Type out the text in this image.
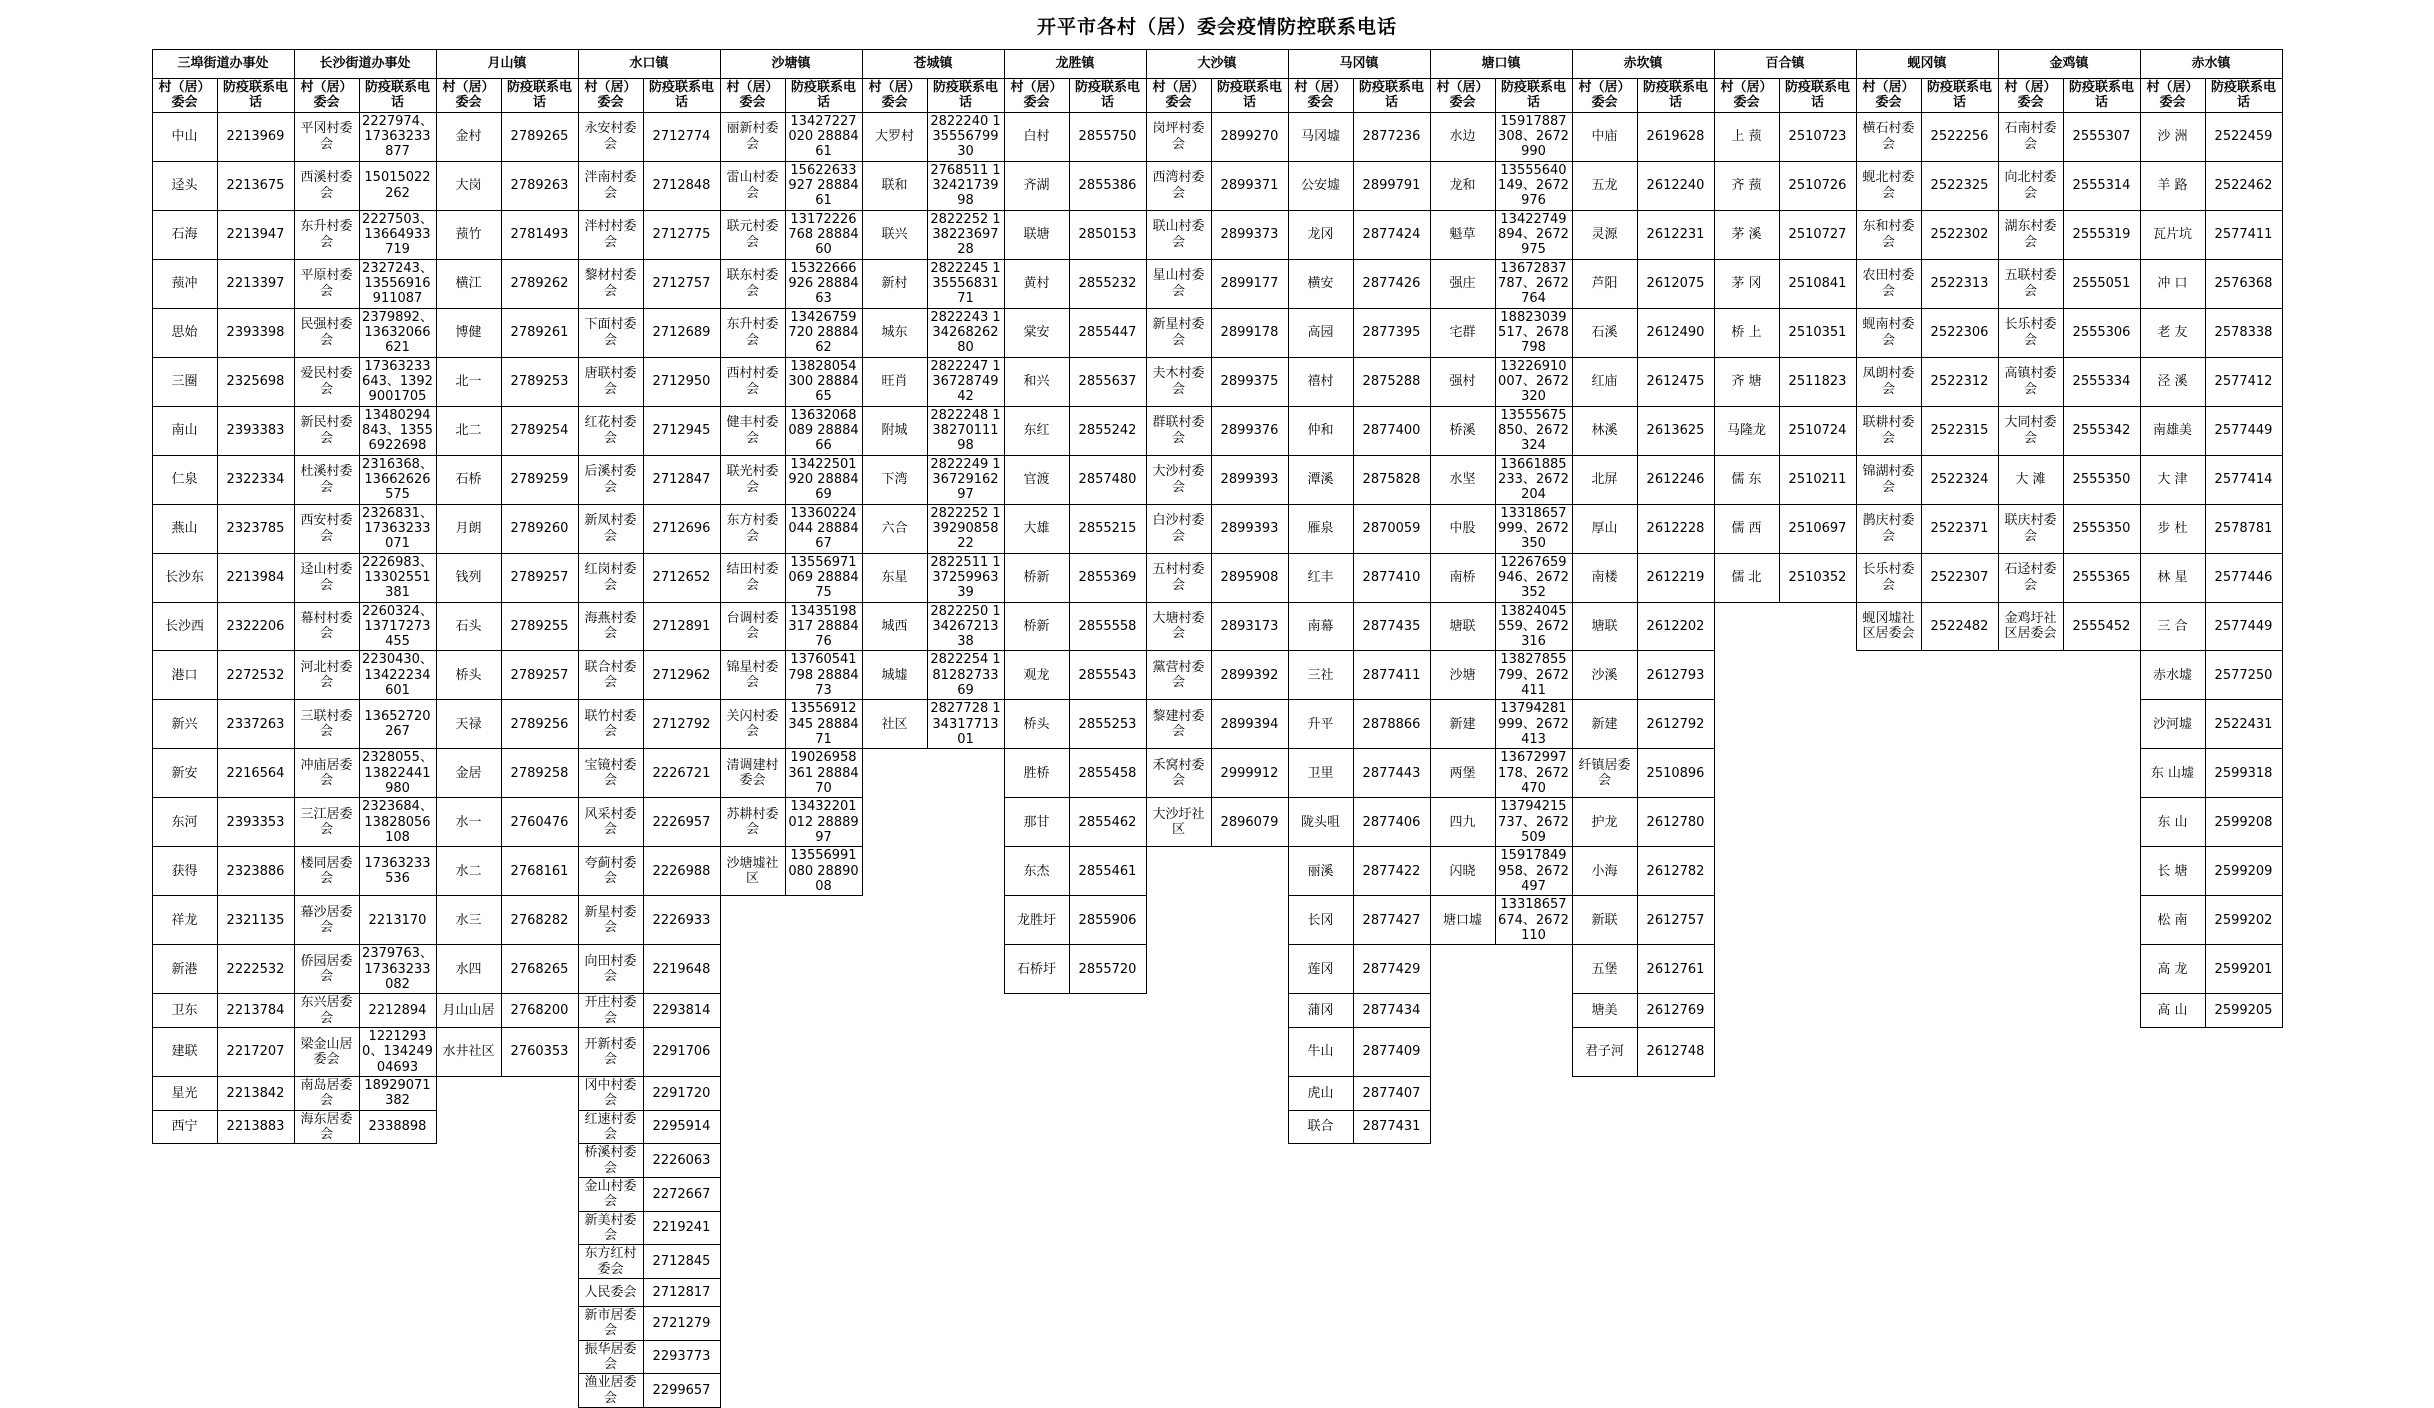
开平市各村（居）委会疫情防控联系电话
三埠街道办事处		长沙街道办事处		月山镇		水口镇		沙塘镇		苍城镇		龙胜镇		大沙镇		马冈镇		塘口镇		赤坎镇		百合镇		蚬冈镇		金鸡镇		赤水镇	
村（居）委会	防疫联系电话	村（居）委会	防疫联系电话	村（居）委会	防疫联系电话	村（居）委会	防疫联系电话	村（居）委会	防疫联系电话	村（居）委会	防疫联系电话	村（居）委会	防疫联系电话	村（居）委会	防疫联系电话	村（居）委会	防疫联系电话	村（居）委会	防疫联系电话	村（居）委会	防疫联系电话	村（居）委会	防疫联系电话	村（居）委会	防疫联系电话	村（居）委会	防疫联系电话	村（居）委会	防疫联系电话
中山	2213969	平冈村委会	2227974、17363233877	金村	2789265	永安村委会	2712774	丽新村委会	13427227020 2888461	大罗村	2822240 13555679930	白村	2855750	岗坪村委会	2899270	马冈墟	2877236	水边	15917887308、2672990	中庙	2619628	上 蓣	2510723	横石村委会	2522256	石南村委会	2555307	沙 洲	2522459
迳头	2213675	西溪村委会	15015022262	大岗	2789263	泮南村委会	2712848	雷山村委会	15622633927 2888461	联和	2768511 13242173998	齐湖	2855386	西湾村委会	2899371	公安墟	2899791	龙和	13555640149、2672976	五龙	2612240	齐 蓣	2510726	蚬北村委会	2522325	向北村委会	2555314	羊 路	2522462
石海	2213947	东升村委会	2227503、13664933719	蓣竹	2781493	泮村村委会	2712775	联元村委会	13172226768 2888460	联兴	2822252 13822369728	联塘	2850153	联山村委会	2899373	龙冈	2877424	魁草	13422749894、2672975	灵源	2612231	茅 溪	2510727	东和村委会	2522302	湖东村委会	2555319	瓦片坑	2577411
蓣冲	2213397	平原村委会	2327243、13556916911087	横江	2789262	黎材村委会	2712757	联东村委会	15322666926 2888463	新村	2822245 13555683171	黄村	2855232	星山村委会	2899177	横安	2877426	强庄	13672837787、2672764	芦阳	2612075	茅 冈	2510841	农田村委会	2522313	五联村委会	2555051	冲 口	2576368
思始	2393398	民强村委会	2379892、13632066621	博健	2789261	下面村委会	2712689	东升村委会	13426759720 2888462	城东	2822243 13426826280	棠安	2855447	新星村委会	2899178	高园	2877395	宅群	18823039517、2678798	石溪	2612490	桥 上	2510351	蚬南村委会	2522306	长乐村委会	2555306	老 友	2578338
三圈	2325698	爱民村委会	17363233643、13929001705	北一	2789253	唐联村委会	2712950	西村村委会	13828054300 2888465	旺肖	2822247 13672874942	和兴	2855637	夫木村委会	2899375	禧村	2875288	强村	13226910007、2672320	红庙	2612475	齐 塘	2511823	凤朗村委会	2522312	高镇村委会	2555334	泾 溪	2577412
南山	2393383	新民村委会	13480294843、13556922698	北二	2789254	红花村委会	2712945	健丰村委会	13632068089 2888466	附城	2822248 13827011198	东红	2855242	群联村委会	2899376	仲和	2877400	桥溪	13555675850、2672324	林溪	2613625	马隆龙	2510724	联耕村委会	2522315	大同村委会	2555342	南雄美	2577449
仁泉	2322334	杜溪村委会	2316368、13662626575	石桥	2789259	后溪村委会	2712847	联光村委会	13422501920 2888469	下湾	2822249 13672916297	官渡	2857480	大沙村委会	2899393	潭溪	2875828	水坚	13661885233、2672204	北屏	2612246	儒 东	2510211	锦湖村委会	2522324	大 滩	2555350	大 津	2577414
燕山	2323785	西安村委会	2326831、17363233071	月朗	2789260	新凤村委会	2712696	东方村委会	13360224044 2888467	六合	2822252 13929085822	大雄	2855215	白沙村委会	2899393	雁泉	2870059	中股	13318657999、2672350	厚山	2612228	儒 西	2510697	鹊庆村委会	2522371	联庆村委会	2555350	步 杜	2578781
长沙东	2213984	迳山村委会	2226983、13302551381	钱列	2789257	红岗村委会	2712652	结田村委会	13556971069 2888475	东星	2822511 13725996339	桥新	2855369	五村村委会	2895908	红丰	2877410	南桥	12267659946、2672352	南楼	2612219	儒 北	2510352	长乐村委会	2522307	石迳村委会	2555365	林 星	2577446
长沙西	2322206	幕村村委会	2260324、13717273455	石头	2789255	海燕村委会	2712891	台调村委会	13435198317 2888476	城西	2822250 13426721338	桥新	2855558	大塘村委会	2893173	南幕	2877435	塘联	13824045559、2672316	塘联	2612202			蚬冈墟社区居委会	2522482	金鸡圩社区居委会	2555452	三 合	2577449
港口	2272532	河北村委会	2230430、13422234601	桥头	2789257	联合村委会	2712962	锦星村委会	13760541798 2888473	城墟	2822254 18128273369	观龙	2855543	黨营村委会	2899392	三社	2877411	沙塘	13827855799、2672411	沙溪	2612793							赤水墟	2577250
新兴	2337263	三联村委会	13652720267	天禄	2789256	联竹村委会	2712792	关闪村委会	13556912345 2888471	社区	2827728 13431771301	桥头	2855253	黎建村委会	2899394	升平	2878866	新建	13794281999、2672413	新建	2612792							沙河墟	2522431
新安	2216564	冲庙居委会	2328055、13822441980	金居	2789258	宝镜村委会	2226721	清调建村委会	19026958361 2888470			胜桥	2855458	禾窝村委会	2999912	卫里	2877443	两堡	13672997178、2672470	纤镇居委会	2510896							东 山墟	2599318
东河	2393353	三江居委会	2323684、13828056108	水一	2760476	风采村委会	2226957	苏耕村委会	13432201012 2888997			那甘	2855462	大沙圩社区	2896079	陇头咀	2877406	四九	13794215737、2672509	护龙	2612780							东 山	2599208
获得	2323886	楼同居委会	17363233536	水二	2768161	夸蓟村委会	2226988	沙塘墟社区	13556991080 2889008			东杰	2855461			丽溪	2877422	闪晓	15917849958、2672497	小海	2612782							长 塘	2599209
祥龙	2321135	幕沙居委会	2213170	水三	2768282	新星村委会	2226933					龙胜圩	2855906			长冈	2877427	塘口墟	13318657674、2672110	新联	2612757							松 南	2599202
新港	2222532	侨园居委会	2379763、17363233082	水四	2768265	向田村委会	2219648					石桥圩	2855720			莲冈	2877429			五堡	2612761							高 龙	2599201
卫东	2213784	东兴居委会	2212894	月山山居	2768200	开庄村委会	2293814									蒲冈	2877434			塘美	2612769							高 山	2599205
建联	2217207	梁金山居委会	12212930、13424904693	水井社区	2760353	开新村委会	2291706									牛山	2877409			君子河	2612748								
星光	2213842	南岛居委会	18929071382			冈中村委会	2291720									虎山	2877407												
西宁	2213883	海东居委会	2338898			红速村委会	2295914									联合	2877431												
						桥溪村委会	2226063																						
						金山村委会	2272667																						
						新美村委会	2219241																						
						东方红村委会	2712845																						
						人民委会	2712817																						
						新市居委会	2721279																						
						振华居委会	2293773																						
						渔业居委会	2299657																						
